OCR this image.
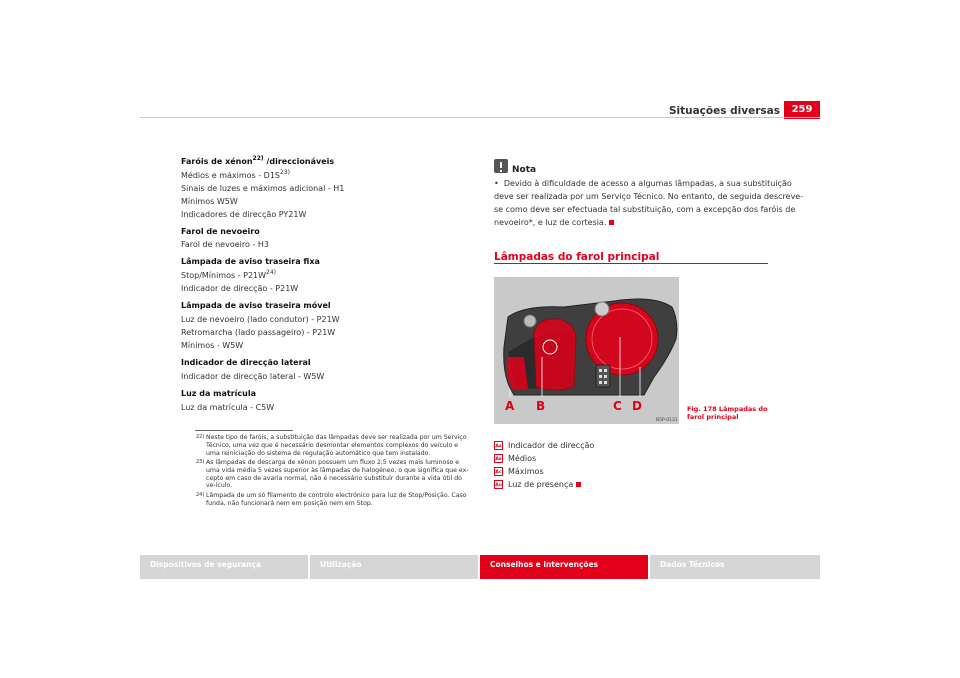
Situações diversas	259
Faróis de xénon$^{22)}$ /direccionáveis
Médios e máximos - $D1S^{23)}$
Sinais de luzes e máximos adicional - H1
Mínimos W5W
Indicadores de direcção PY21W
Farol de nevoeiro
Farol de nevoeiro - H3
Lâmpada de aviso traseira fixa
Stop/Mínimos - $P21W^{24)}$
Indicador de direcção - P21W
Lâmpada de aviso traseira móvel
Luz de nevoeiro (lado condutor) - P21W
Retromarcha (lado passageiro) - P21W
Mínimos - W5W
Indicador de direcção lateral
Indicador de direcção lateral - W5W
Luz da matrícula
Luz da matrícula - C5W
22) Neste tipo de faróis, a substituição das lâmpadas deve ser realizada por um Serviço Técnico, uma vez que é necessário desmontar elementos complexos do veículo e uma reiniciação do sistema de regulação automático que tem instalado.
23) As lâmpadas de descarga de xénon possuem um fluxo 2,5 vezes mais luminoso e uma vida média 5 vezes superior às lâmpadas de halogéneo, o que significa que ex-cepto em caso de avaria normal, não é necessário substituir durante a vida útil do ve-ículo.
24) Lâmpada de um só filamento de controlo electrónico para luz de Stop/Posição. Caso funda, não funcionará nem em posição nem em Stop.
Nota
• Devido à dificuldade de acesso a algumas lâmpadas, a sua substituição
deve ser realizada por um Serviço Técnico. No entanto, de seguida descreve-
se como deve ser efectuada tal substituição, com a excepção dos faróis de
nevoeiro*, e luz de cortesia.
Lâmpadas do farol principal
A B	C D
B5P-0131
Fig. 178 Lâmpadas do
farol principal
AA Indicador de direcção
AB Médios
AC Máximos
AD Luz de presença
Dispositivos de segurança	Utilização	Conselhos e intervenções	Dados Técnicos
